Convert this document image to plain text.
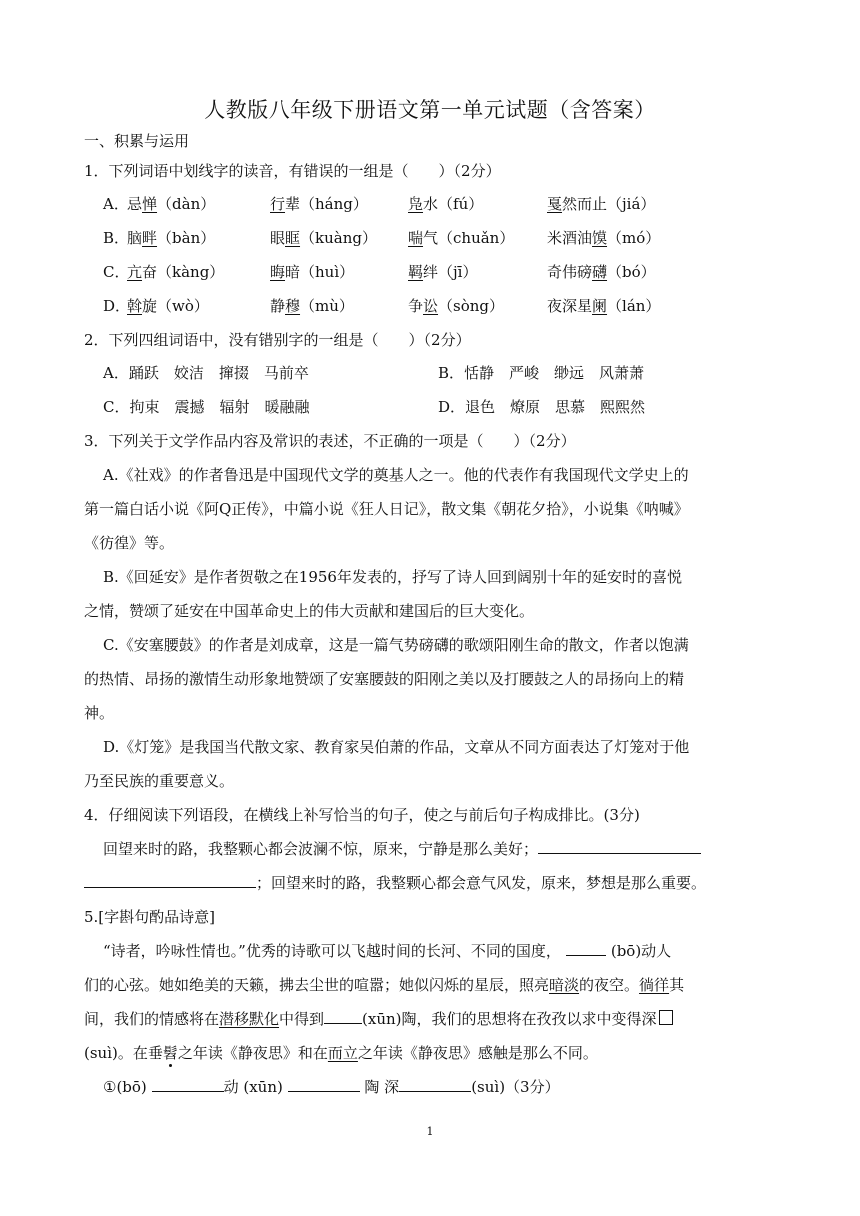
人教版八年级下册语文第一单元试题（含答案）
一、积累与运用
1．下列词语中划线字的读音，有错误的一组是（　　）（2分）
A．
忌惮（dàn）	行辈（háng）	凫水（fú）	戛然而止（jiá）
B．
脑畔（bàn）	眼眶（kuàng） 喘气（chuǎn） 米酒油馍（mó）
C．
亢奋（kàng）	晦暗（huì）	羁绊（jī）	奇伟磅礴（bó）
D．
斡旋（wò）	静穆（mù）	争讼（sòng）	夜深星阑（lán）
2．下列四组词语中，没有错别字的一组是（　　）（2分）
A．踊跃　姣洁　撺掇　马前卒	B．恬静　严峻　缈远　风萧萧
C．拘束　震撼　辐射　暖融融	D．退色　燎原　思慕　熙熙然
3．下列关于文学作品内容及常识的表述，不正确的一项是（　　）（2分）
A.《社戏》的作者鲁迅是中国现代文学的奠基人之一。他的代表作有我国现代文学史上的
第一篇白话小说《阿Q正传》，中篇小说《狂人日记》，散文集《朝花夕拾》，小说集《呐喊》
《彷徨》等。
B.《回延安》是作者贺敬之在1956年发表的，抒写了诗人回到阔别十年的延安时的喜悦
之情，赞颂了延安在中国革命史上的伟大贡献和建国后的巨大变化。
C.《安塞腰鼓》的作者是刘成章，这是一篇气势磅礴的歌颂阳刚生命的散文，作者以饱满
的热情、昂扬的激情生动形象地赞颂了安塞腰鼓的阳刚之美以及打腰鼓之人的昂扬向上的精
神。
D.《灯笼》是我国当代散文家、教育家吴伯萧的作品，文章从不同方面表达了灯笼对于他
乃至民族的重要意义。
4．仔细阅读下列语段，在横线上补写恰当的句子，使之与前后句子构成排比。(3分)
回望来时的路，我整颗心都会波澜不惊，原来，宁静是那么美好；
；回望来时的路，我整颗心都会意气风发，原来，梦想是那么重要。
5.[字斟句酌品诗意]
“诗者，吟咏性情也。”优秀的诗歌可以飞越时间的长河、不同的国度，	(bō)动人
们的心弦。她如绝美的天籁，拂去尘世的喧嚣；她似闪烁的星辰，照亮暗淡的夜空。徜徉其
间，我们的情感将在潜移默化中得到	(xūn)陶，我们的思想将在孜孜以求中变得深
(suì)。在垂髫之年读《静夜思》和在而立之年读《静夜思》感触是那么不同。
①(bō)	动 (xūn)	陶 深	(suì)（3分）
1
